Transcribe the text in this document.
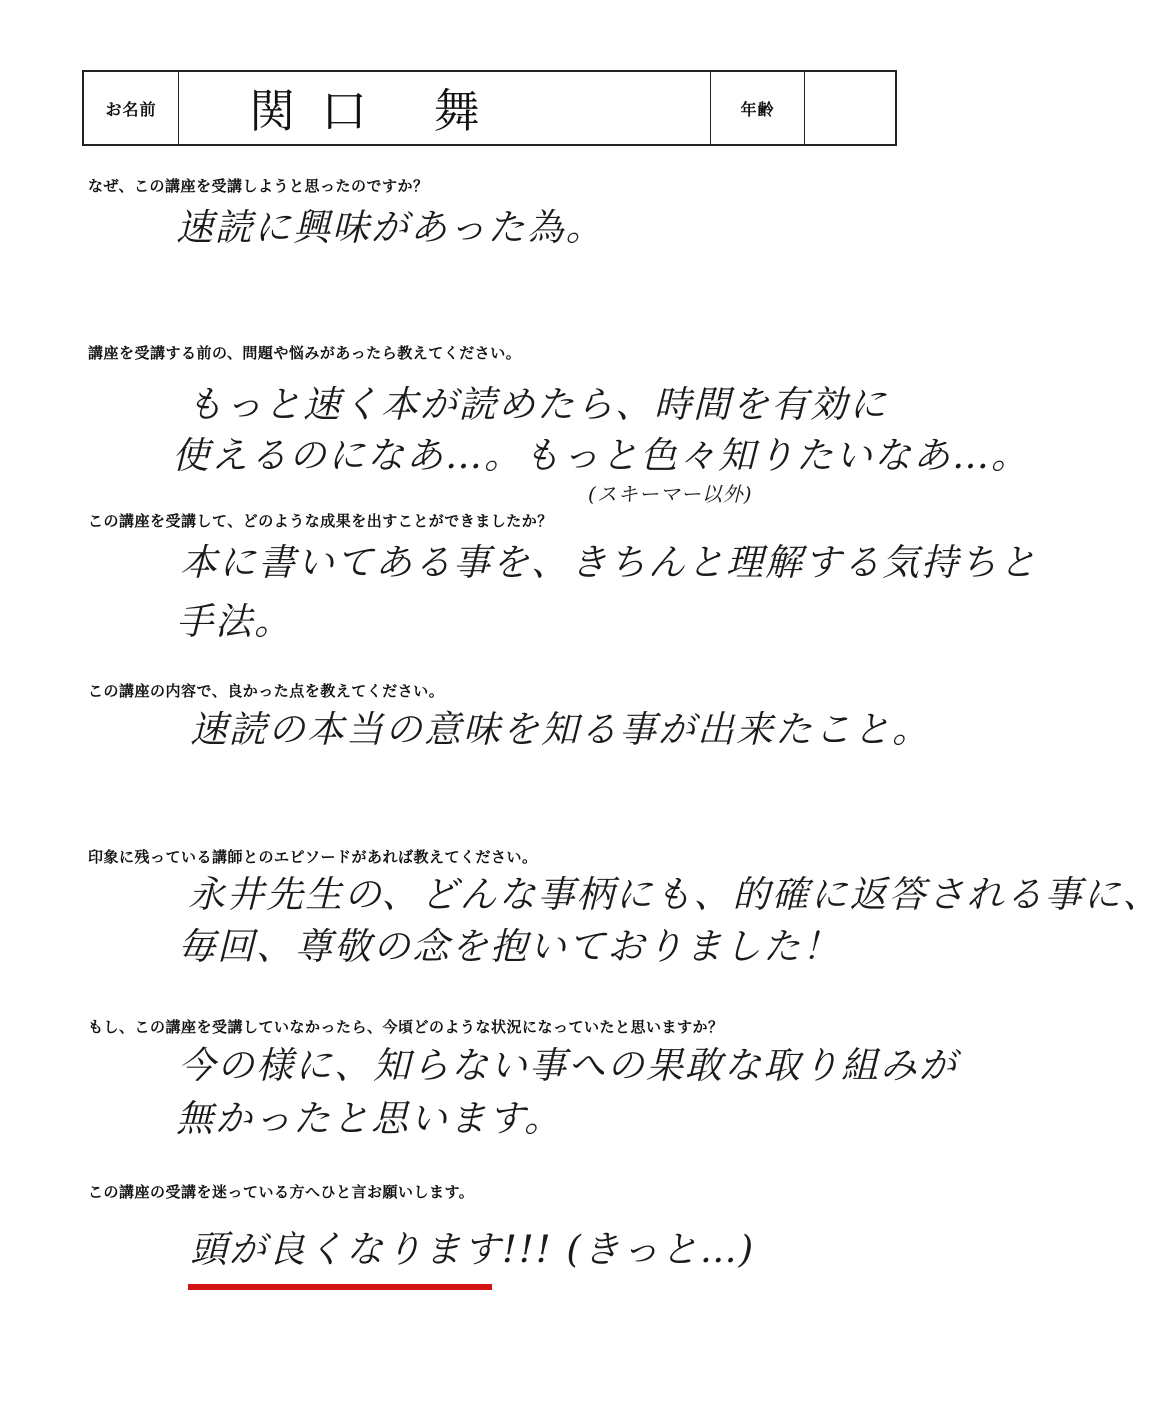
お名前	関口 舞	年齢
なぜ、この講座を受講しようと思ったのですか？
速読に興味があった為。
講座を受講する前の、問題や悩みがあったら教えてください。
もっと速く本が読めたら、時間を有効に
使えるのになあ…。もっと色々知りたいなあ…。
(スキーマー以外)
この講座を受講して、どのような成果を出すことができましたか？
本に書いてある事を、きちんと理解する気持ちと
手法。
この講座の内容で、良かった点を教えてください。
速読の本当の意味を知る事が出来たこと。
印象に残っている講師とのエピソードがあれば教えてください。
永井先生の、どんな事柄にも、的確に返答される事に、
毎回、尊敬の念を抱いておりました！
もし、この講座を受講していなかったら、今頃どのような状況になっていたと思いますか？
今の様に、知らない事への果敢な取り組みが
無かったと思います。
この講座の受講を迷っている方へひと言お願いします。
頭が良くなります!!! (きっと…)
